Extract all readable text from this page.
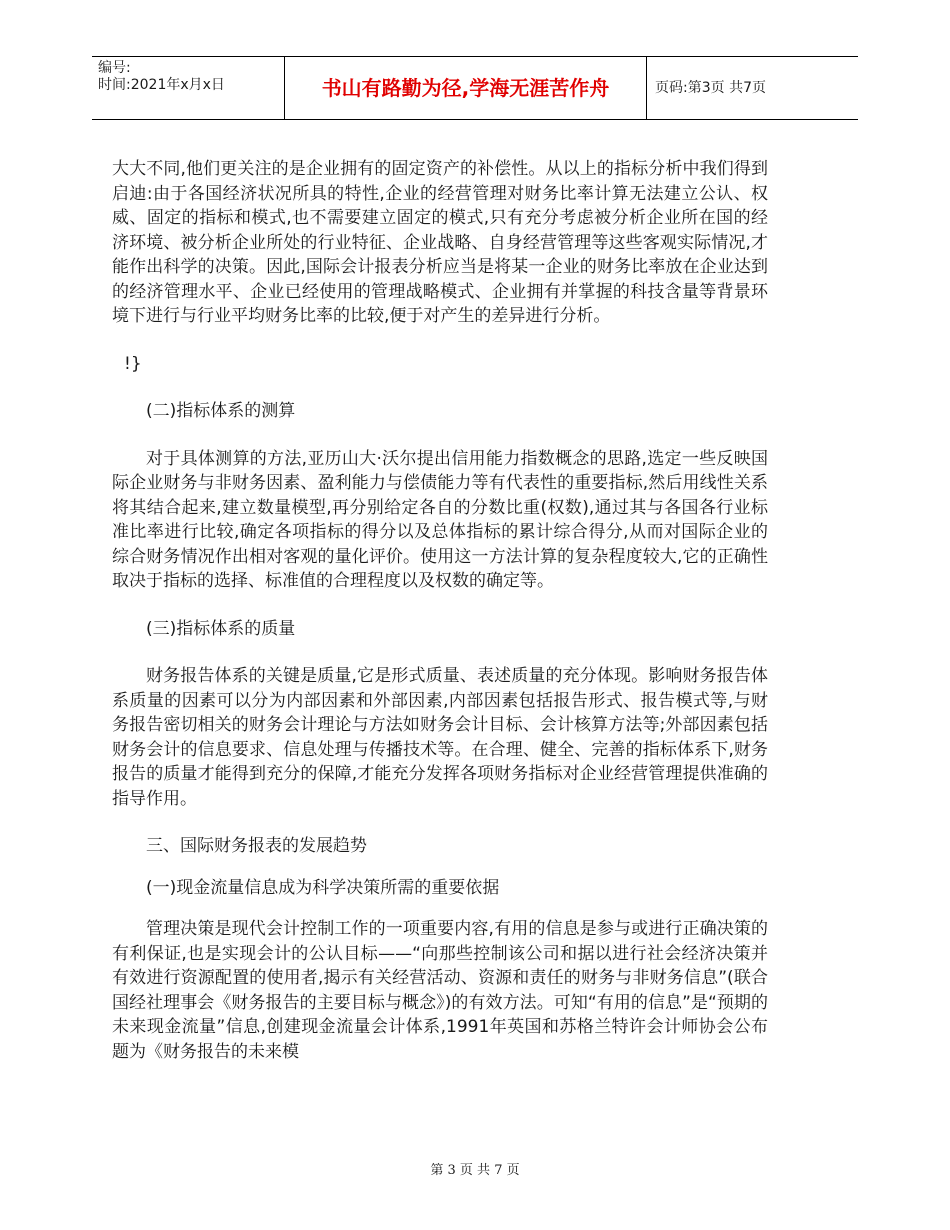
编号:
时间:2021年x月x日	书山有路勤为径,学海无涯苦作舟	页码:第3页 共7页

大大不同,他们更关注的是企业拥有的固定资产的补偿性。从以上的指标分析中我们得到启迪:由于各国经济状况所具的特性,企业的经营管理对财务比率计算无法建立公认、权威、固定的指标和模式,也不需要建立固定的模式,只有充分考虑被分析企业所在国的经济环境、被分析企业所处的行业特征、企业战略、自身经营管理等这些客观实际情况,才能作出科学的决策。因此,国际会计报表分析应当是将某一企业的财务比率放在企业达到的经济管理水平、企业已经使用的管理战略模式、企业拥有并掌握的科技含量等背景环境下进行与行业平均财务比率的比较,便于对产生的差异进行分析。

!}

(二)指标体系的测算

对于具体测算的方法,亚历山大·沃尔提出信用能力指数概念的思路,选定一些反映国际企业财务与非财务因素、盈利能力与偿债能力等有代表性的重要指标,然后用线性关系将其结合起来,建立数量模型,再分别给定各自的分数比重(权数),通过其与各国各行业标准比率进行比较,确定各项指标的得分以及总体指标的累计综合得分,从而对国际企业的综合财务情况作出相对客观的量化评价。使用这一方法计算的复杂程度较大,它的正确性取决于指标的选择、标准值的合理程度以及权数的确定等。

(三)指标体系的质量

财务报告体系的关键是质量,它是形式质量、表述质量的充分体现。影响财务报告体系质量的因素可以分为内部因素和外部因素,内部因素包括报告形式、报告模式等,与财务报告密切相关的财务会计理论与方法如财务会计目标、会计核算方法等;外部因素包括财务会计的信息要求、信息处理与传播技术等。在合理、健全、完善的指标体系下,财务报告的质量才能得到充分的保障,才能充分发挥各项财务指标对企业经营管理提供准确的指导作用。

三、国际财务报表的发展趋势

(一)现金流量信息成为科学决策所需的重要依据

管理决策是现代会计控制工作的一项重要内容,有用的信息是参与或进行正确决策的有利保证,也是实现会计的公认目标——“向那些控制该公司和据以进行社会经济决策并有效进行资源配置的使用者,揭示有关经营活动、资源和责任的财务与非财务信息”(联合国经社理事会《财务报告的主要目标与概念》)的有效方法。可知“有用的信息”是“预期的未来现金流量”信息,创建现金流量会计体系,1991年英国和苏格兰特许会计师协会公布题为《财务报告的未来模

第 3 页 共 7 页
